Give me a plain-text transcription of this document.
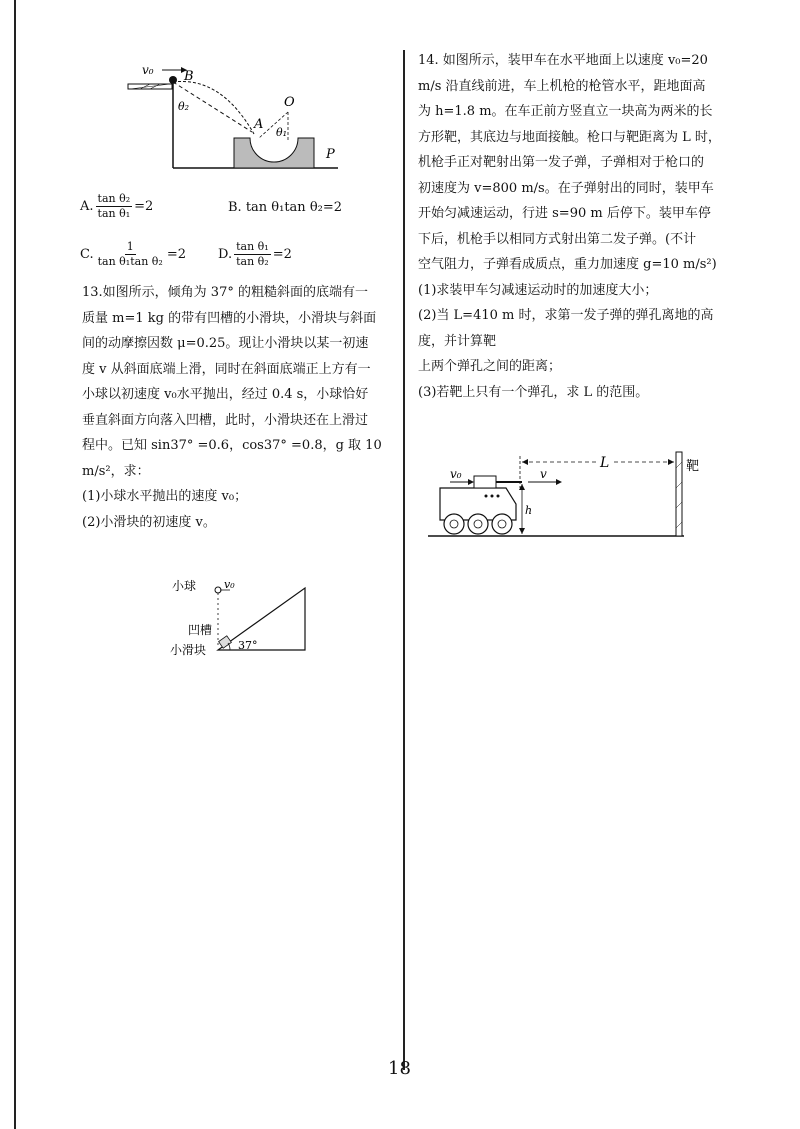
v₀ B
θ₂
A
O
θ₁
P
A. $\frac{\text{tan θ₂}}{\text{tan θ₁}} =2$	B. tan θ₁tan θ₂=2
C. $\frac{1}{\text{tan θ₁tan θ₂}} =2$ D. $\frac{\text{tan θ₁}}{\text{tan θ₂}} =2$

13.如图所示，倾角为 37° 的粗糙斜面的底端有一

质量 m=1 kg 的带有凹槽的小滑块，小滑块与斜面

间的动摩擦因数 μ=0.25。现让小滑块以某一初速

度 v 从斜面底端上滑，同时在斜面底端正上方有一

小球以初速度 v₀水平抛出，经过 0.4 s，小球恰好

垂直斜面方向落入凹槽，此时，小滑块还在上滑过

程中。已知 sin37° =0.6，cos37° =0.8，g 取 10

m/s²，求：

(1)小球水平抛出的速度 v₀；

(2)小滑块的初速度 v。

小球	v₀
凹槽
小滑块	37°

14. 如图所示，装甲车在水平地面上以速度 v₀=20

m/s 沿直线前进，车上机枪的枪管水平，距地面高

为 h=1.8 m。在车正前方竖直立一块高为两米的长

方形靶，其底边与地面接触。枪口与靶距离为 L 时，

机枪手正对靶射出第一发子弹，子弹相对于枪口的

初速度为 v=800 m/s。在子弹射出的同时，装甲车

开始匀减速运动，行进 s=90 m 后停下。装甲车停

下后，机枪手以相同方式射出第二发子弹。(不计

空气阻力，子弹看成质点，重力加速度 g=10 m/s²)

(1)求装甲车匀减速运动时的加速度大小；

(2)当 L=410 m 时，求第一发子弹的弹孔离地的高

度，并计算靶

上两个弹孔之间的距离；

(3)若靶上只有一个弹孔，求 L 的范围。

靶
L
v
v₀
h
18
